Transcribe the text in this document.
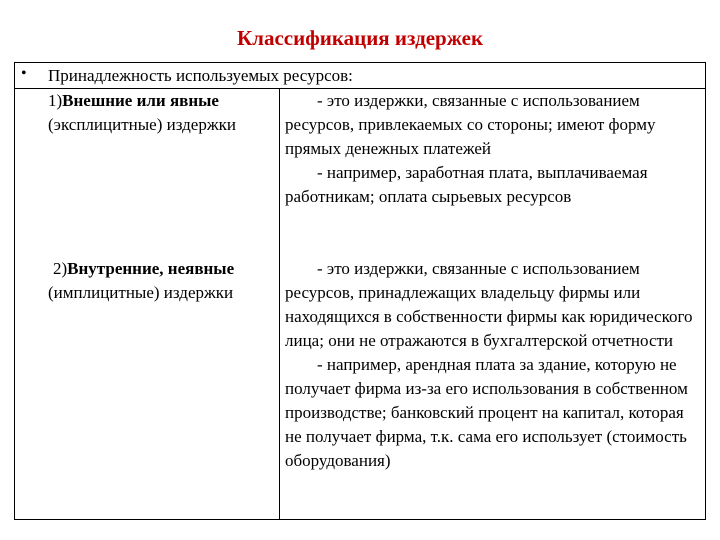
Классификация издержек
• Принадлежность используемых ресурсов:
1)Внешние или явные
(эксплицитные) издержки

- это издержки, связанные с использованием ресурсов, привлекаемых со стороны; имеют форму прямых денежных платежей

- например, заработная плата, выплачиваемая работникам; оплата сырьевых ресурсов

2)Внутренние, неявные
(имплицитные) издержки

- это издержки, связанные с использованием ресурсов, принадлежащих владельцу фирмы или находящихся в собственности фирмы как юридического лица; они не отражаются в бухгалтерской отчетности

- например, арендная плата за здание, которую не получает фирма из-за его использования в собственном производстве; банковский процент на капитал, которая не получает фирма, т.к. сама его использует (стоимость оборудования)
